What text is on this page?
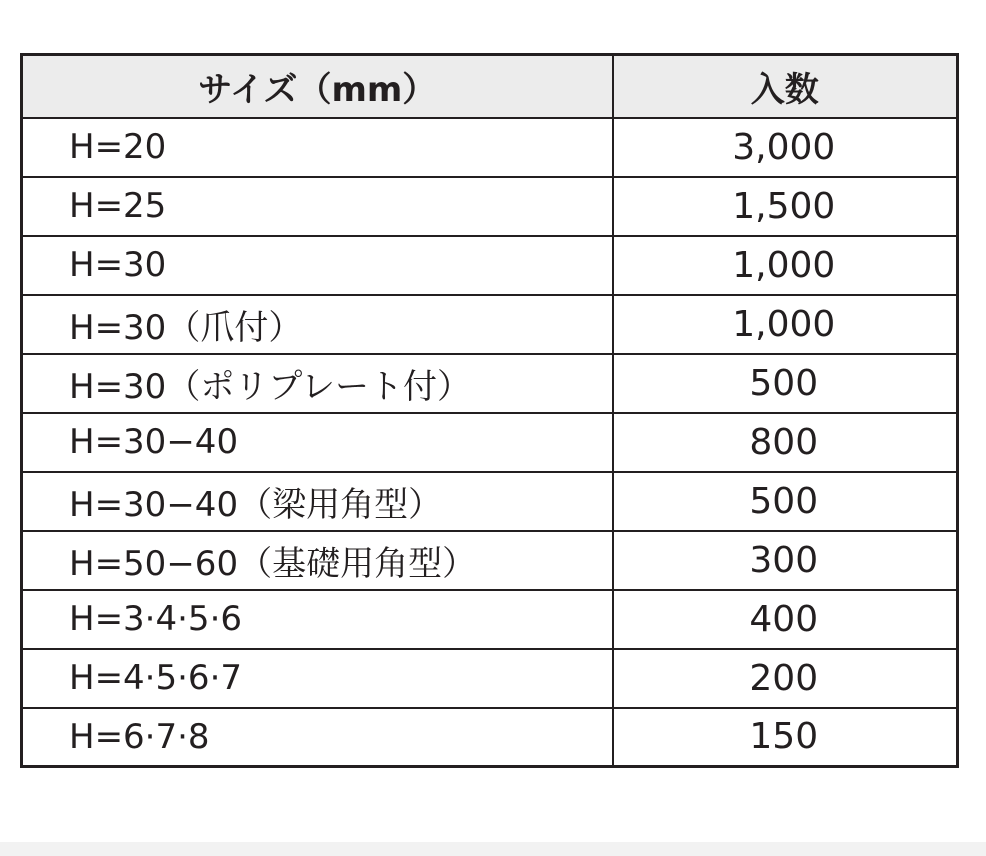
サイズ（mm）	入数
H=20	3,000
H=25	1,500
H=30	1,000
H=30（爪付）	1,000
H=30（ポリプレート付）	500
H=30−40	800
H=30−40（梁用角型）	500
H=50−60（基礎用角型）	300
H=3·4·5·6	400
H=4·5·6·7	200
H=6·7·8	150
